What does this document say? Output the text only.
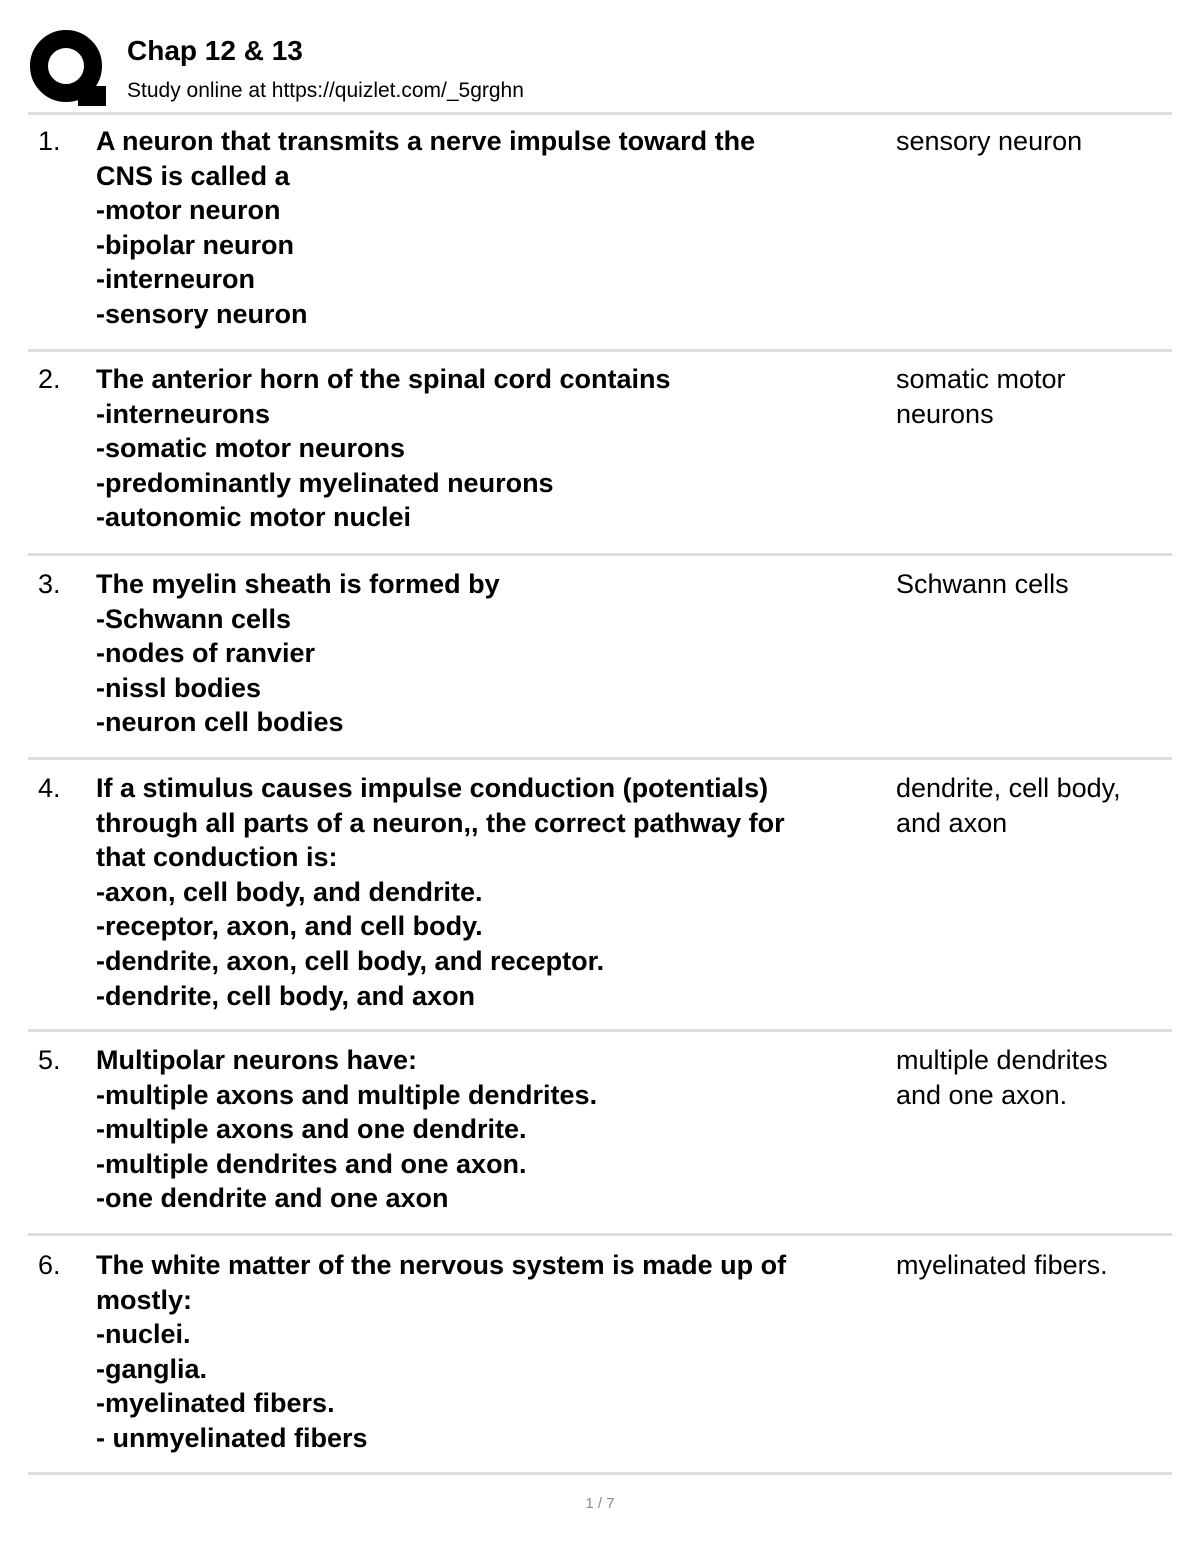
Chap 12 & 13
Study online at https://quizlet.com/_5grghn
1. A neuron that transmits a nerve impulse toward the
CNS is called a
-motor neuron
-bipolar neuron
-interneuron
-sensory neuron
sensory neuron
2. The anterior horn of the spinal cord contains
-interneurons
-somatic motor neurons
-predominantly myelinated neurons
-autonomic motor nuclei
somatic motor
neurons
3. The myelin sheath is formed by
-Schwann cells
-nodes of ranvier
-nissl bodies
-neuron cell bodies
Schwann cells
4. If a stimulus causes impulse conduction (potentials)
through all parts of a neuron,, the correct pathway for
that conduction is:
-axon, cell body, and dendrite.
-receptor, axon, and cell body.
-dendrite, axon, cell body, and receptor.
-dendrite, cell body, and axon
dendrite, cell body,
and axon
5. Multipolar neurons have:
-multiple axons and multiple dendrites.
-multiple axons and one dendrite.
-multiple dendrites and one axon.
-one dendrite and one axon
multiple dendrites
and one axon.
6. The white matter of the nervous system is made up of
mostly:
-nuclei.
-ganglia.
-myelinated fibers.
- unmyelinated fibers
myelinated fibers.
1 / 7
